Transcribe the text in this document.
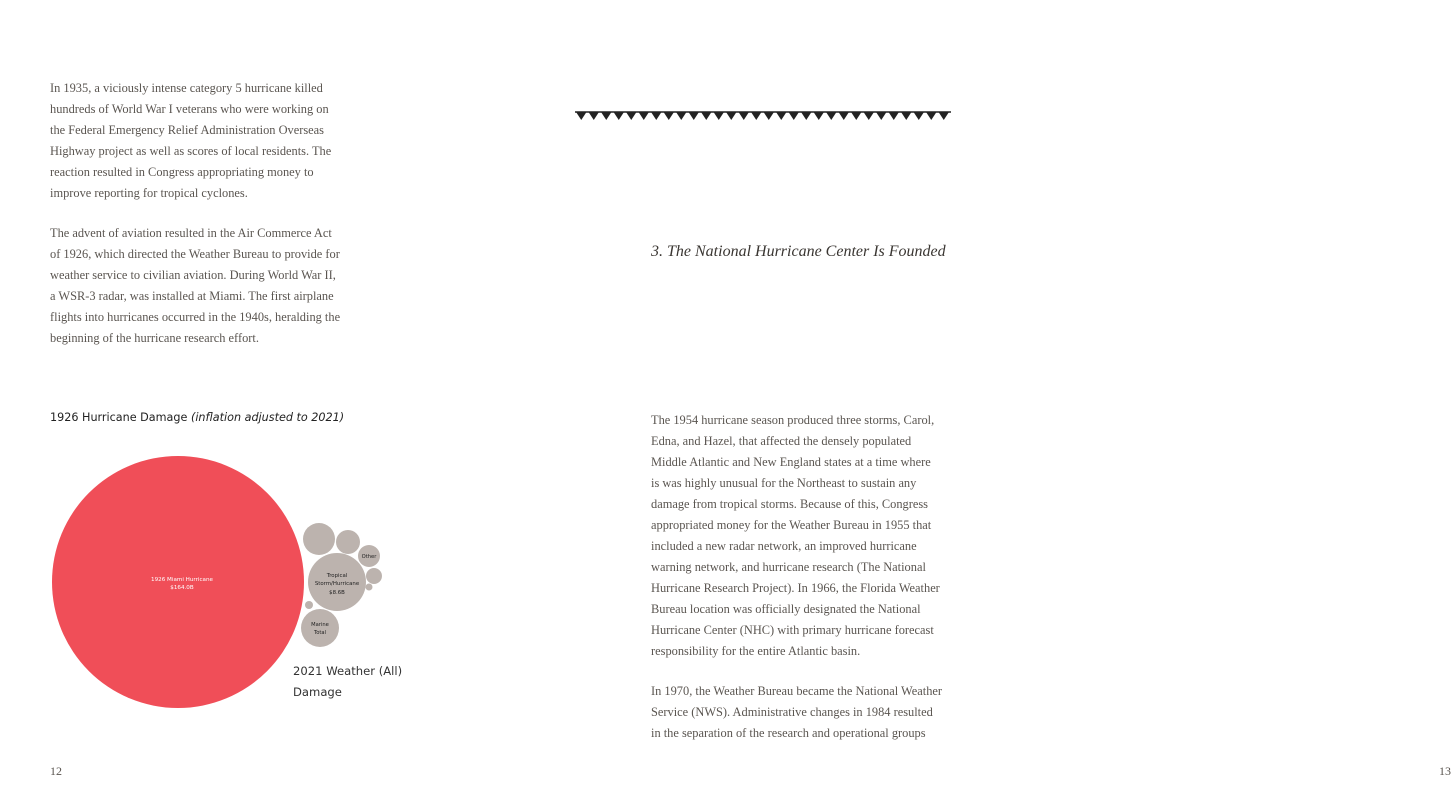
In 1935, a viciously intense category 5 hurricane killed
hundreds of World War I veterans who were working on
the Federal Emergency Relief Administration Overseas
Highway project as well as scores of local residents. The
reaction resulted in Congress appropriating money to
improve reporting for tropical cyclones.
The advent of aviation resulted in the Air Commerce Act
of 1926, which directed the Weather Bureau to provide for
weather service to civilian aviation. During World War II,
a WSR-3 radar, was installed at Miami. The first airplane
flights into hurricanes occurred in the 1940s, heralding the
beginning of the hurricane research effort.
1926 Hurricane Damage (inflation adjusted to 2021)
1926 Miami Hurricane
$164.0B
Tropical
Storm/Hurricane
$8.6B
Marine
Total
Other
2021 Weather (All) Damage
12
3. The National Hurricane Center Is Founded
The 1954 hurricane season produced three storms, Carol,
Edna, and Hazel, that affected the densely populated
Middle Atlantic and New England states at a time where
is was highly unusual for the Northeast to sustain any
damage from tropical storms. Because of this, Congress
appropriated money for the Weather Bureau in 1955 that
included a new radar network, an improved hurricane
warning network, and hurricane research (The National
Hurricane Research Project). In 1966, the Florida Weather
Bureau location was officially designated the National
Hurricane Center (NHC) with primary hurricane forecast
responsibility for the entire Atlantic basin.
In 1970, the Weather Bureau became the National Weather
Service (NWS). Administrative changes in 1984 resulted
in the separation of the research and operational groups
13
